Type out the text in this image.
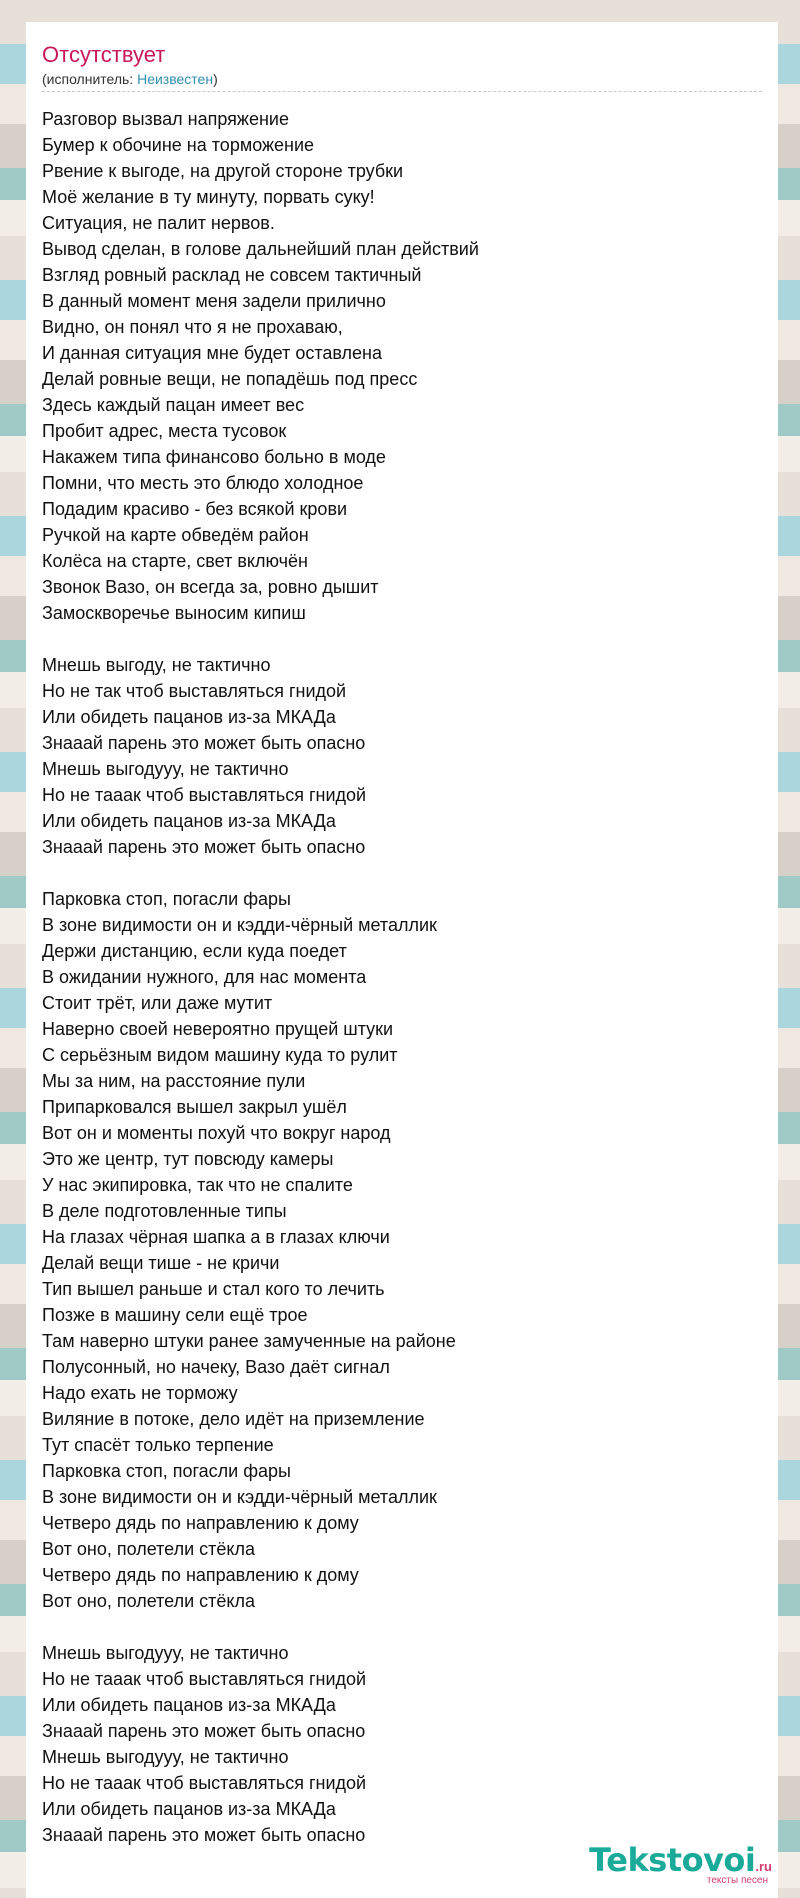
Отсутствует
(исполнитель: Неизвестен)
Разговор вызвал напряжение
Бумер к обочине на торможение
Рвение к выгоде, на другой стороне трубки
Моё желание в ту минуту, порвать суку!
Ситуация, не палит нервов.
Вывод сделан, в голове дальнейший план действий
Взгляд ровный расклад не совсем тактичный
В данный момент меня задели прилично
Видно, он понял что я не прохаваю,
И данная ситуация мне будет оставлена
Делай ровные вещи, не попадёшь под пресс
Здесь каждый пацан имеет вес
Пробит адрес, места тусовок
Накажем типа финансово больно в моде
Помни, что месть это блюдо холодное
Подадим красиво - без всякой крови
Ручкой на карте обведём район
Колёса на старте, свет включён
Звонок Вазо, он всегда за, ровно дышит
Замоскворечье выносим кипиш
Мнешь выгоду, не тактично
Но не так чтоб выставляться гнидой
Или обидеть пацанов из-за МКАДа
Знааай парень это может быть опасно
Мнешь выгодууу, не тактично
Но не тааак чтоб выставляться гнидой
Или обидеть пацанов из-за МКАДа
Знааай парень это может быть опасно
Парковка стоп, погасли фары
В зоне видимости он и кэдди-чёрный металлик
Держи дистанцию, если куда поедет
В ожидании нужного, для нас момента
Стоит трёт, или даже мутит
Наверно своей невероятно прущей штуки
С серьёзным видом машину куда то рулит
Мы за ним, на расстояние пули
Припарковался вышел закрыл ушёл
Вот он и моменты похуй что вокруг народ
Это же центр, тут повсюду камеры
У нас экипировка, так что не спалите
В деле подготовленные типы
На глазах чёрная шапка а в глазах ключи
Делай вещи тише - не кричи
Тип вышел раньше и стал кого то лечить
Позже в машину сели ещё трое
Там наверно штуки ранее замученные на районе
Полусонный, но начеку, Вазо даёт сигнал
Надо ехать не торможу
Виляние в потоке, дело идёт на приземление
Тут спасёт только терпение
Парковка стоп, погасли фары
В зоне видимости он и кэдди-чёрный металлик
Четверо дядь по направлению к дому
Вот оно, полетели стёкла
Четверо дядь по направлению к дому
Вот оно, полетели стёкла
Мнешь выгодууу, не тактично
Но не тааак чтоб выставляться гнидой
Или обидеть пацанов из-за МКАДа
Знааай парень это может быть опасно
Мнешь выгодууу, не тактично
Но не тааак чтоб выставляться гнидой
Или обидеть пацанов из-за МКАДа
Знааай парень это может быть опасно
Tekstovoi.ru
тексты песен
